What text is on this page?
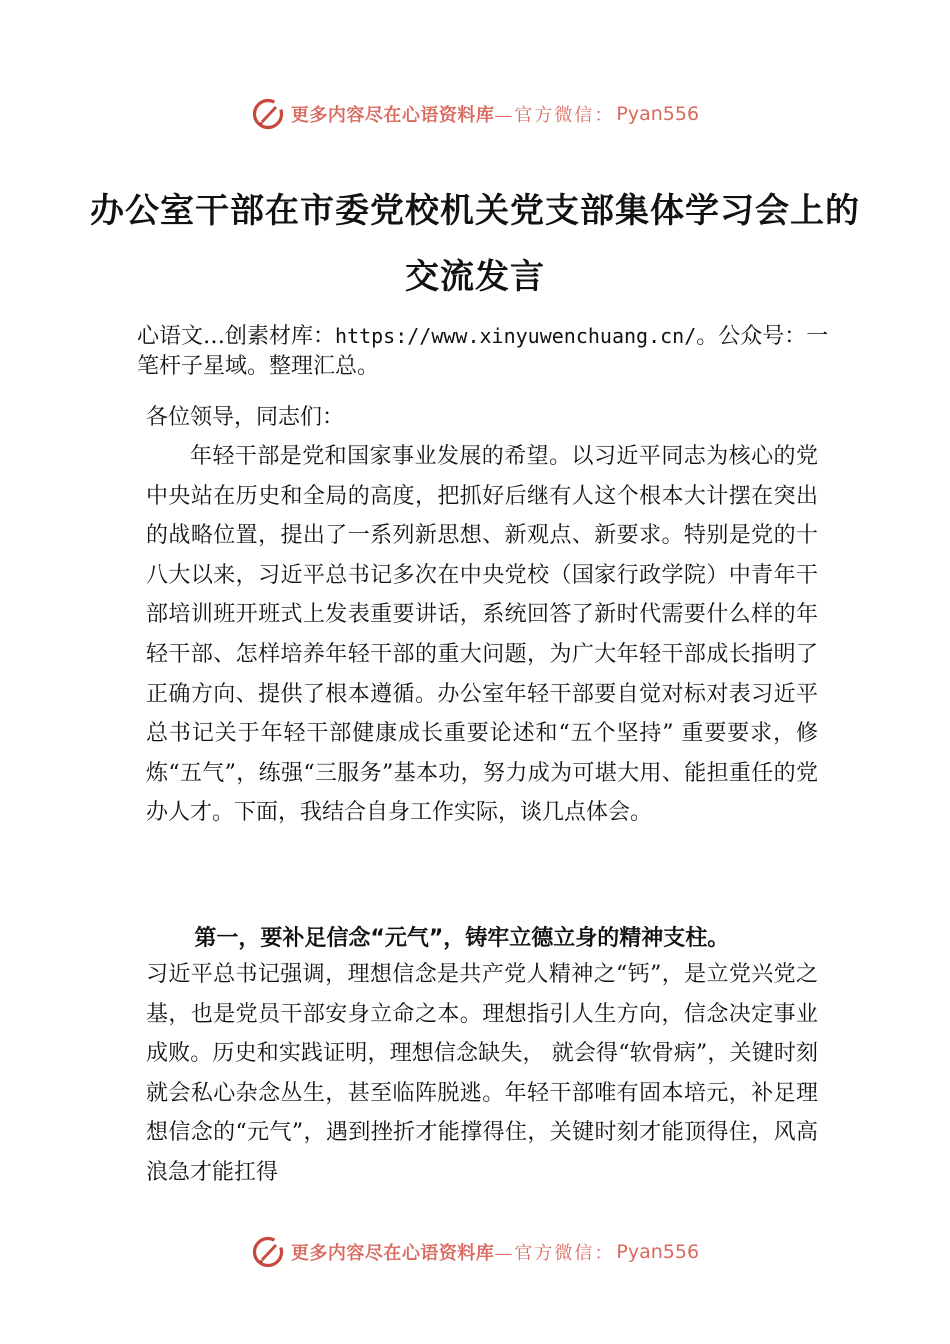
更多内容尽在心语资料库 —官方微信： Pyan556
办公室干部在市委党校机关党支部集体学习会上的交流发言

心语文…创素材库：https://www.xinyuwenchuang.cn/。公众号：一笔杆子星域。整理汇总。

各位领导，同志们：

年轻干部是党和国家事业发展的希望。以习近平同志为核心的党中央站在历史和全局的高度，把抓好后继有人这个根本大计摆在突出的战略位置，提出了一系列新思想、新观点、新要求。特别是党的十八大以来，习近平总书记多次在中央党校（国家行政学院）中青年干部培训班开班式上发表重要讲话，系统回答了新时代需要什么样的年轻干部、怎样培养年轻干部的重大问题，为广大年轻干部成长指明了正确方向、提供了根本遵循。办公室年轻干部要自觉对标对表习近平总书记关于年轻干部健康成长重要论述和“五个坚持” 重要要求，修炼“五气”，练强“三服务”基本功，努力成为可堪大用、能担重任的党办人才。下面，我结合自身工作实际，谈几点体会。

第一，要补足信念“元气”，铸牢立德立身的精神支柱。

习近平总书记强调，理想信念是共产党人精神之“钙”，是立党兴党之基，也是党员干部安身立命之本。理想指引人生方向，信念决定事业成败。历史和实践证明，理想信念缺失， 就会得“软骨病”，关键时刻就会私心杂念丛生，甚至临阵脱逃。年轻干部唯有固本培元，补足理想信念的“元气”，遇到挫折才能撑得住，关键时刻才能顶得住，风高浪急才能扛得

更多内容尽在心语资料库 —官方微信： Pyan556
